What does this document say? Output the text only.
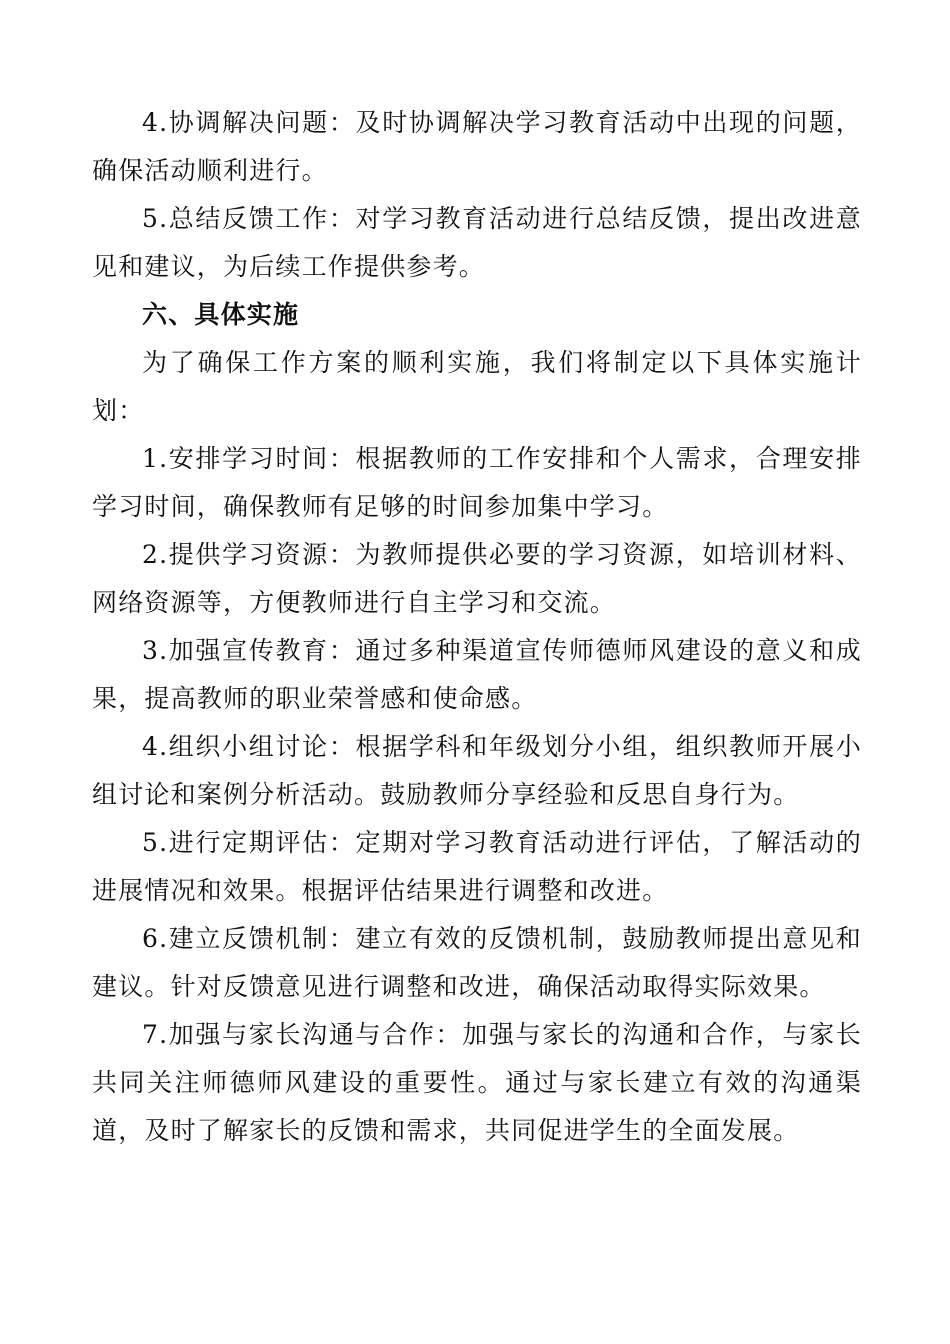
4.协调解决问题：及时协调解决学习教育活动中出现的问题，确保活动顺利进行。

5.总结反馈工作：对学习教育活动进行总结反馈，提出改进意见和建议，为后续工作提供参考。

六、具体实施

为了确保工作方案的顺利实施，我们将制定以下具体实施计划：

1.安排学习时间：根据教师的工作安排和个人需求，合理安排学习时间，确保教师有足够的时间参加集中学习。

2.提供学习资源：为教师提供必要的学习资源，如培训材料、网络资源等，方便教师进行自主学习和交流。

3.加强宣传教育：通过多种渠道宣传师德师风建设的意义和成果，提高教师的职业荣誉感和使命感。

4.组织小组讨论：根据学科和年级划分小组，组织教师开展小组讨论和案例分析活动。鼓励教师分享经验和反思自身行为。

5.进行定期评估：定期对学习教育活动进行评估，了解活动的进展情况和效果。根据评估结果进行调整和改进。

6.建立反馈机制：建立有效的反馈机制，鼓励教师提出意见和建议。针对反馈意见进行调整和改进，确保活动取得实际效果。

7.加强与家长沟通与合作：加强与家长的沟通和合作，与家长共同关注师德师风建设的重要性。通过与家长建立有效的沟通渠道，及时了解家长的反馈和需求，共同促进学生的全面发展。
